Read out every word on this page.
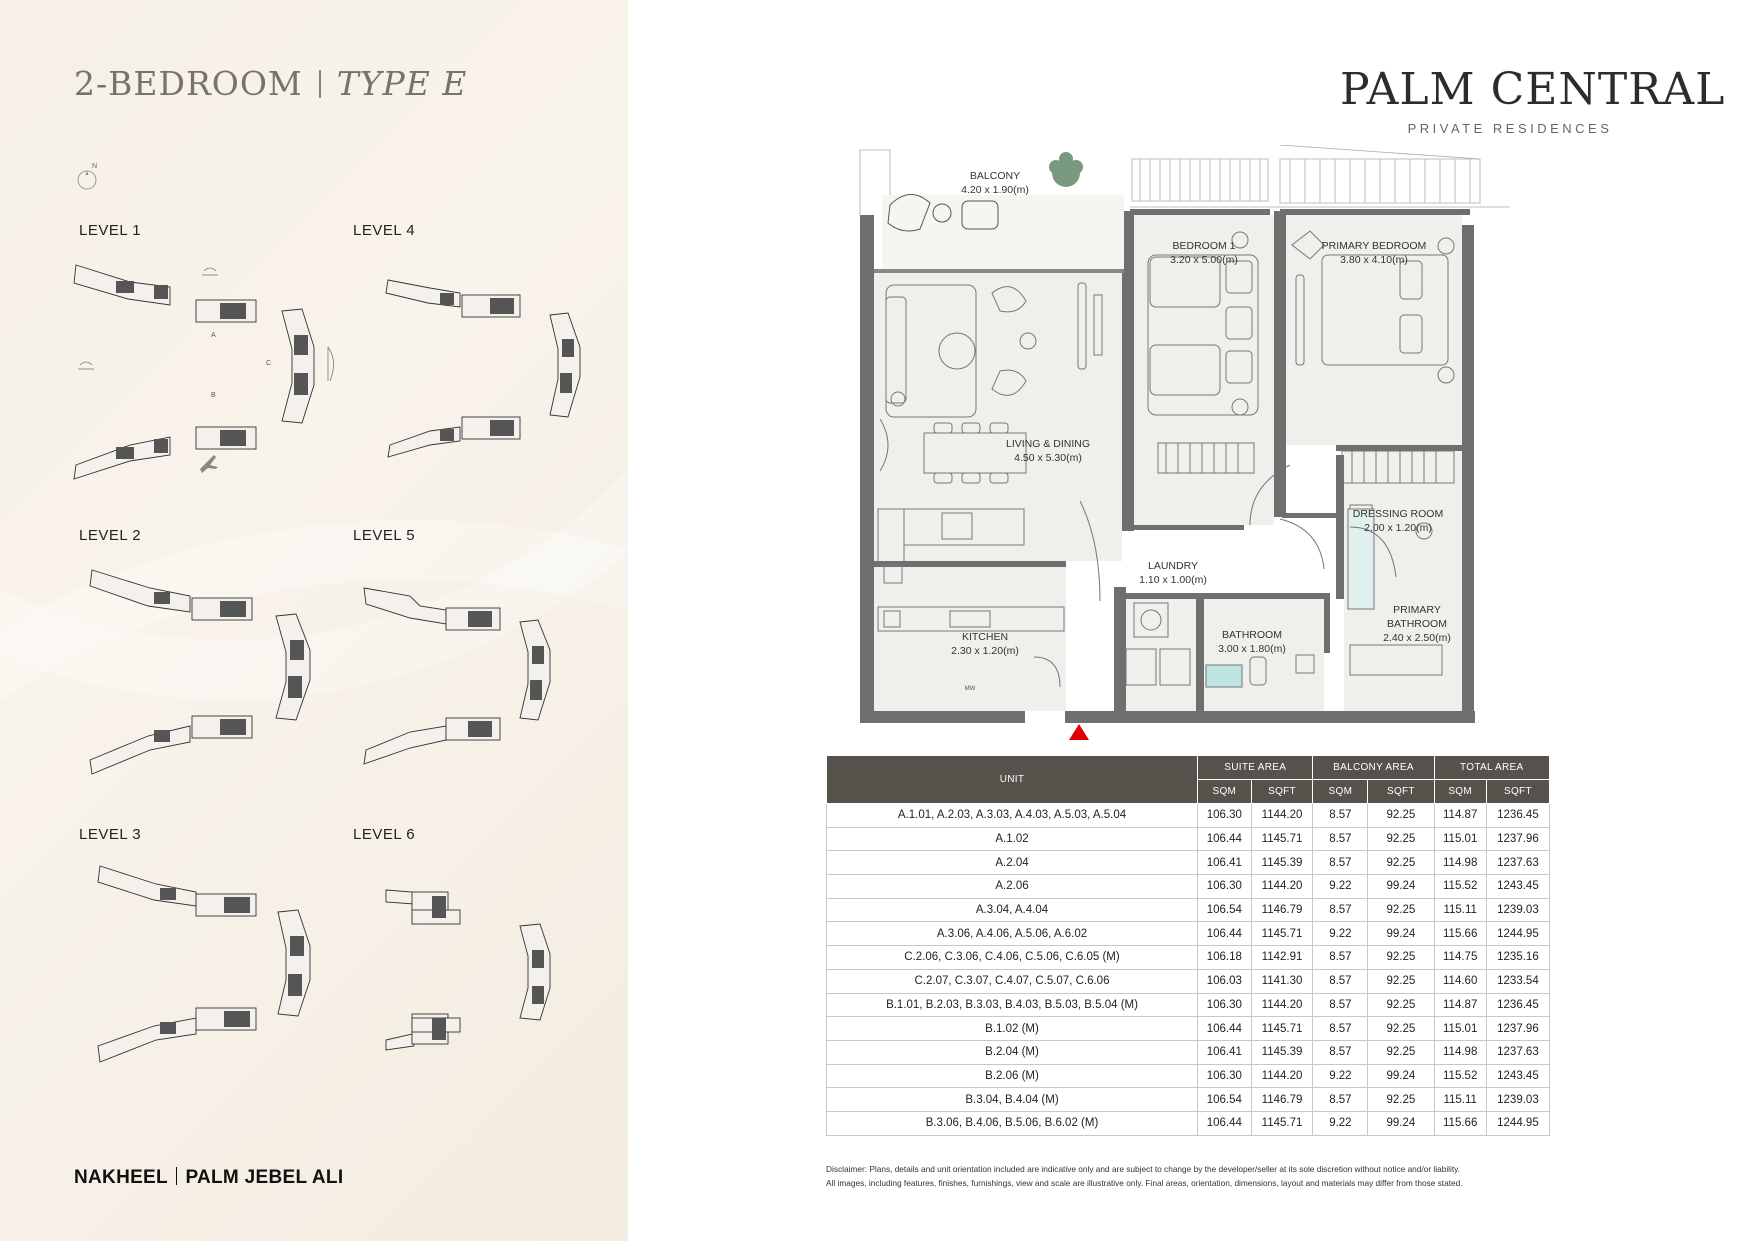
2-BEDROOM TYPE E
N
LEVEL 1	LEVEL 4
LEVEL 2	LEVEL 5
LEVEL 3	LEVEL 6
A
B
C
NAKHEEL PALM JEBEL ALI
PALM CENTRAL
PRIVATE RESIDENCES
BALCONY
4.20 x 1.90(m)
BEDROOM 1
3.20 x 5.00(m)
PRIMARY BEDROOM
3.80 x 4.10(m)
LIVING & DINING
4.50 x 5.30(m)
DRESSING ROOM
2.00 x 1.20(m)
LAUNDRY
1.10 x 1.00(m)
PRIMARY
BATHROOM
2.40 x 2.50(m)
KITCHEN
2.30 x 1.20(m)
BATHROOM
3.00 x 1.80(m)
MW
UNIT	SUITE AREA		BALCONY AREA		TOTAL AREA	
	SQM	SQFT	SQM	SQFT	SQM	SQFT
A.1.01, A.2.03, A.3.03, A.4.03, A.5.03, A.5.04	106.30	1144.20	8.57	92.25	114.87	1236.45
A.1.02	106.44	1145.71	8.57	92.25	115.01	1237.96
A.2.04	106.41	1145.39	8.57	92.25	114.98	1237.63
A.2.06	106.30	1144.20	9.22	99.24	115.52	1243.45
A.3.04, A.4.04	106.54	1146.79	8.57	92.25	115.11	1239.03
A.3.06, A.4.06, A.5.06, A.6.02	106.44	1145.71	9.22	99.24	115.66	1244.95
C.2.06, C.3.06, C.4.06, C.5.06, C.6.05 (M)	106.18	1142.91	8.57	92.25	114.75	1235.16
C.2.07, C.3.07, C.4.07, C.5.07, C.6.06	106.03	1141.30	8.57	92.25	114.60	1233.54
B.1.01, B.2.03, B.3.03, B.4.03, B.5.03, B.5.04 (M)	106.30	1144.20	8.57	92.25	114.87	1236.45
B.1.02 (M)	106.44	1145.71	8.57	92.25	115.01	1237.96
B.2.04 (M)	106.41	1145.39	8.57	92.25	114.98	1237.63
B.2.06 (M)	106.30	1144.20	9.22	99.24	115.52	1243.45
B.3.04, B.4.04 (M)	106.54	1146.79	8.57	92.25	115.11	1239.03
B.3.06, B.4.06, B.5.06, B.6.02 (M)	106.44	1145.71	9.22	99.24	115.66	1244.95
Disclaimer: Plans, details and unit orientation included are indicative only and are subject to change by the developer/seller at its sole discretion without notice and/or liability.
All images, including features, finishes, furnishings, view and scale are illustrative only. Final areas, orientation, dimensions, layout and materials may differ from those stated.
